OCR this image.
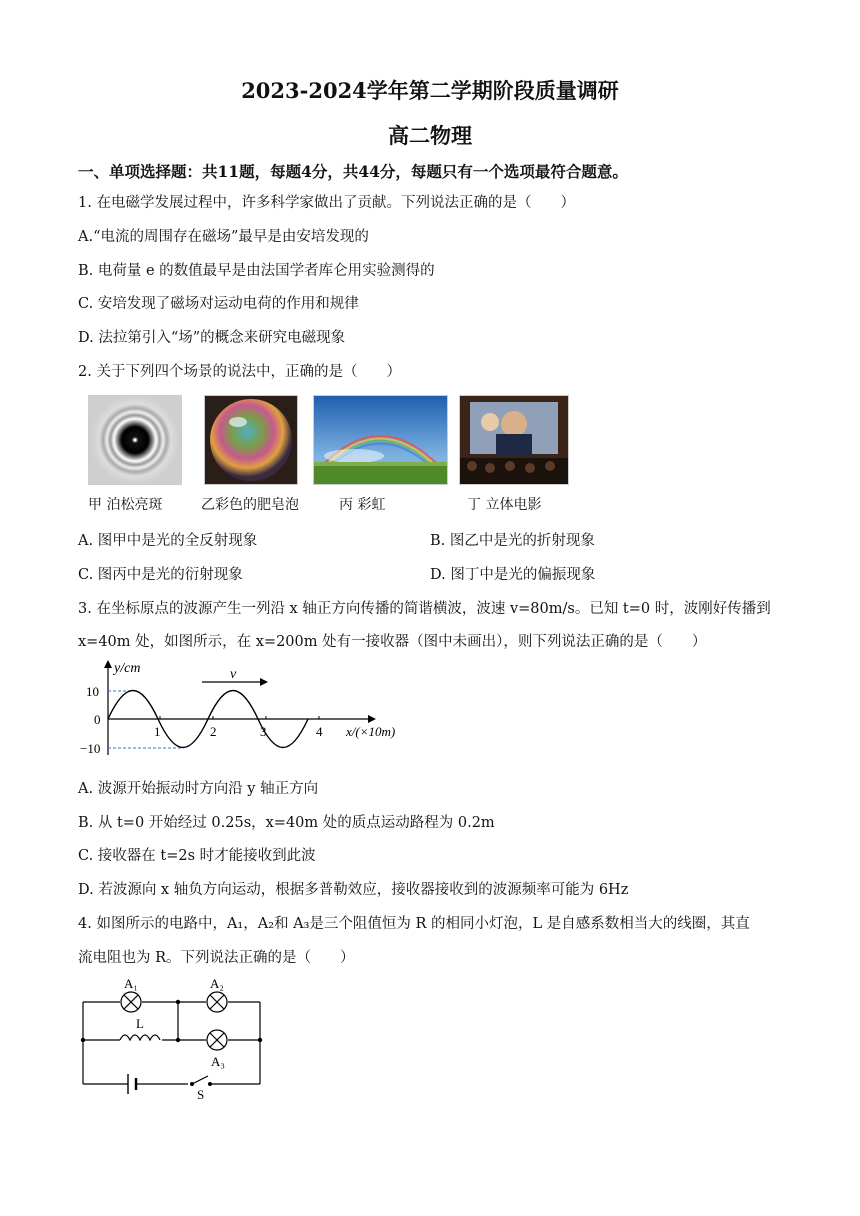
2023-2024学年第二学期阶段质量调研
高二物理
一、单项选择题：共11题，每题4分，共44分，每题只有一个选项最符合题意。
1. 在电磁学发展过程中，许多科学家做出了贡献。下列说法正确的是（　　）
A.“电流的周围存在磁场”最早是由安培发现的
B. 电荷量 e 的数值最早是由法国学者库仑用实验测得的
C. 安培发现了磁场对运动电荷的作用和规律
D. 法拉第引入“场”的概念来研究电磁现象
2. 关于下列四个场景的说法中，正确的是（　　）
甲 泊松亮斑	乙彩色的肥皂泡	丙 彩虹	丁 立体电影
A. 图甲中是光的全反射现象	B. 图乙中是光的折射现象
C. 图丙中是光的衍射现象	D. 图丁中是光的偏振现象
3. 在坐标原点的波源产生一列沿 x 轴正方向传播的简谐横波，波速 v=80m/s。已知 t=0 时，波刚好传播到
x=40m 处，如图所示，在 x=200m 处有一接收器（图中未画出），则下列说法正确的是（　　）
y/cm	v
10
0
−10
1	2	3	4 x/(×10m)
A. 波源开始振动时方向沿 y 轴正方向
B. 从 t=0 开始经过 0.25s，x=40m 处的质点运动路程为 0.2m
C. 接收器在 t=2s 时才能接收到此波
D. 若波源向 x 轴负方向运动，根据多普勒效应，接收器接收到的波源频率可能为 6Hz
4. 如图所示的电路中，A₁，A₂和 A₃是三个阻值恒为 R 的相同小灯泡，L 是自感系数相当大的线圈，其直
流电阻也为 R。下列说法正确的是（　　）
A₁	A₂
A₃
L
S
